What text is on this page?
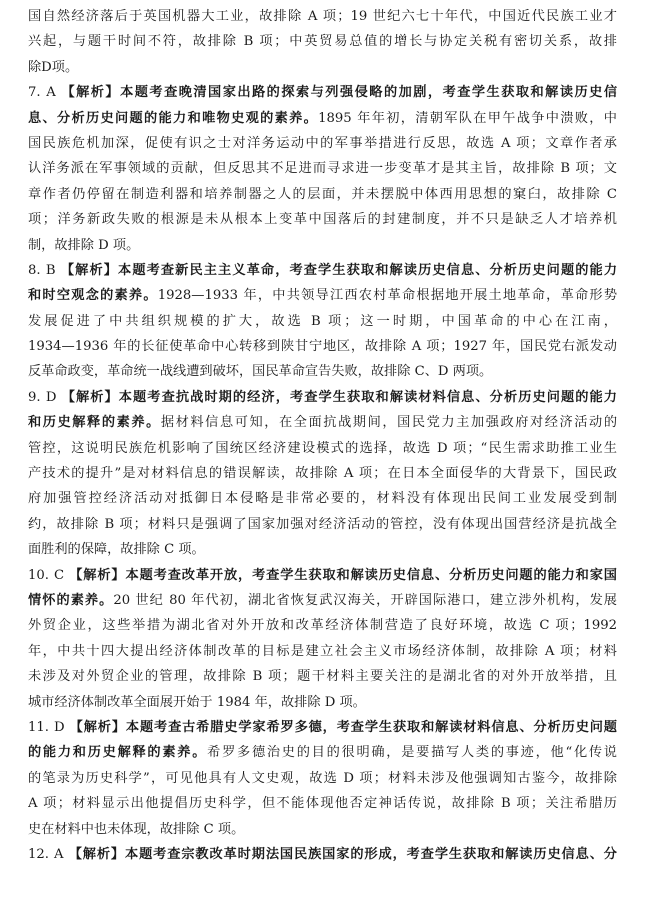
国自然经济落后于英国机器大工业，故排除 A 项；19 世纪六七十年代，中国近代民族工业才
兴起，与题干时间不符，故排除 B 项；中英贸易总值的增长与协定关税有密切关系，故排
除D项。
7. A 【解析】本题考查晚清国家出路的探索与列强侵略的加剧，考查学生获取和解读历史信
息、分析历史问题的能力和唯物史观的素养。1895 年年初，清朝军队在甲午战争中溃败，中
国民族危机加深，促使有识之士对洋务运动中的军事举措进行反思，故选 A 项；文章作者承
认洋务派在军事领域的贡献，但反思其不足进而寻求进一步变革才是其主旨，故排除 B 项；文
章作者仍停留在制造利器和培养制器之人的层面，并未摆脱中体西用思想的窠臼，故排除 C
项；洋务新政失败的根源是未从根本上变革中国落后的封建制度，并不只是缺乏人才培养机
制，故排除 D 项。
8. B 【解析】本题考查新民主主义革命，考查学生获取和解读历史信息、分析历史问题的能力
和时空观念的素养。1928—1933 年，中共领导江西农村革命根据地开展土地革命，革命形势
发展促进了中共组织规模的扩大，故选 B 项；这一时期，中国革命的中心在江南，
1934—1936 年的长征使革命中心转移到陕甘宁地区，故排除 A 项；1927 年，国民党右派发动
反革命政变，革命统一战线遭到破坏，国民革命宣告失败，故排除 C、D 两项。
9. D 【解析】本题考查抗战时期的经济，考查学生获取和解读材料信息、分析历史问题的能力
和历史解释的素养。据材料信息可知，在全面抗战期间，国民党力主加强政府对经济活动的
管控，这说明民族危机影响了国统区经济建设模式的选择，故选 D 项；“民生需求助推工业生
产技术的提升”是对材料信息的错误解读，故排除 A 项；在日本全面侵华的大背景下，国民政
府加强管控经济活动对抵御日本侵略是非常必要的，材料没有体现出民间工业发展受到制
约，故排除 B 项；材料只是强调了国家加强对经济活动的管控，没有体现出国营经济是抗战全
面胜利的保障，故排除 C 项。
10. C 【解析】本题考查改革开放，考查学生获取和解读历史信息、分析历史问题的能力和家国
情怀的素养。20 世纪 80 年代初，湖北省恢复武汉海关，开辟国际港口，建立涉外机构，发展
外贸企业，这些举措为湖北省对外开放和改革经济体制营造了良好环境，故选 C 项；1992
年，中共十四大提出经济体制改革的目标是建立社会主义市场经济体制，故排除 A 项；材料
未涉及对外贸企业的管理，故排除 B 项；题干材料主要关注的是湖北省的对外开放举措，且
城市经济体制改革全面展开始于 1984 年，故排除 D 项。
11. D 【解析】本题考查古希腊史学家希罗多德，考查学生获取和解读材料信息、分析历史问题
的能力和历史解释的素养。希罗多德治史的目的很明确，是要描写人类的事迹，他“化传说
的笔录为历史科学”，可见他具有人文史观，故选 D 项；材料未涉及他强调知古鉴今，故排除
A 项；材料显示出他提倡历史科学，但不能体现他否定神话传说，故排除 B 项；关注希腊历
史在材料中也未体现，故排除 C 项。
12. A 【解析】本题考查宗教改革时期法国民族国家的形成，考查学生获取和解读历史信息、分
